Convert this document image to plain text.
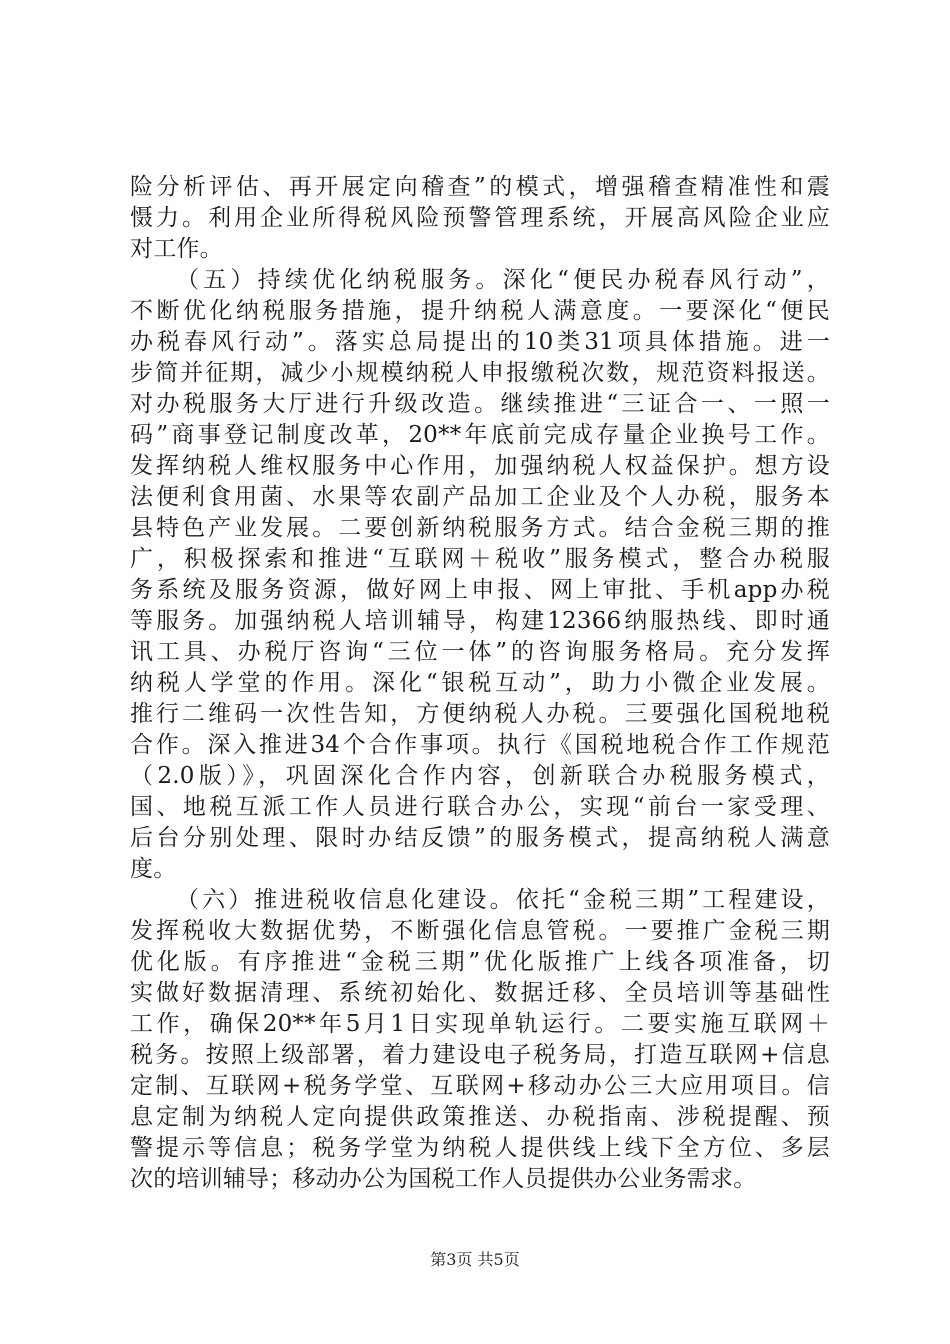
险分析评估、再开展定向稽查”的模式，增强稽查精准性和震
慑力。利用企业所得税风险预警管理系统，开展高风险企业应
对工作。
（五）持续优化纳税服务。深化“便民办税春风行动”，
不断优化纳税服务措施，提升纳税人满意度。一要深化“便民
办税春风行动”。落实总局提出的10类31项具体措施。进一
步简并征期，减少小规模纳税人申报缴税次数，规范资料报送。
对办税服务大厅进行升级改造。继续推进“三证合一、一照一
码”商事登记制度改革，20**年底前完成存量企业换号工作。
发挥纳税人维权服务中心作用，加强纳税人权益保护。想方设
法便利食用菌、水果等农副产品加工企业及个人办税，服务本
县特色产业发展。二要创新纳税服务方式。结合金税三期的推
广，积极探索和推进“互联网＋税收”服务模式，整合办税服
务系统及服务资源，做好网上申报、网上审批、手机app办税
等服务。加强纳税人培训辅导，构建12366纳服热线、即时通
讯工具、办税厅咨询“三位一体”的咨询服务格局。充分发挥
纳税人学堂的作用。深化“银税互动”，助力小微企业发展。
推行二维码一次性告知，方便纳税人办税。三要强化国税地税
合作。深入推进34个合作事项。执行《国税地税合作工作规范
（2.0版）》，巩固深化合作内容，创新联合办税服务模式，
国、地税互派工作人员进行联合办公，实现“前台一家受理、
后台分别处理、限时办结反馈”的服务模式，提高纳税人满意
度。
（六）推进税收信息化建设。依托“金税三期”工程建设，
发挥税收大数据优势，不断强化信息管税。一要推广金税三期
优化版。有序推进“金税三期”优化版推广上线各项准备，切
实做好数据清理、系统初始化、数据迁移、全员培训等基础性
工作，确保20**年5月1日实现单轨运行。二要实施互联网＋
税务。按照上级部署，着力建设电子税务局，打造互联网+信息
定制、互联网+税务学堂、互联网+移动办公三大应用项目。信
息定制为纳税人定向提供政策推送、办税指南、涉税提醒、预
警提示等信息；税务学堂为纳税人提供线上线下全方位、多层
次的培训辅导；移动办公为国税工作人员提供办公业务需求。
第3页 共5页
